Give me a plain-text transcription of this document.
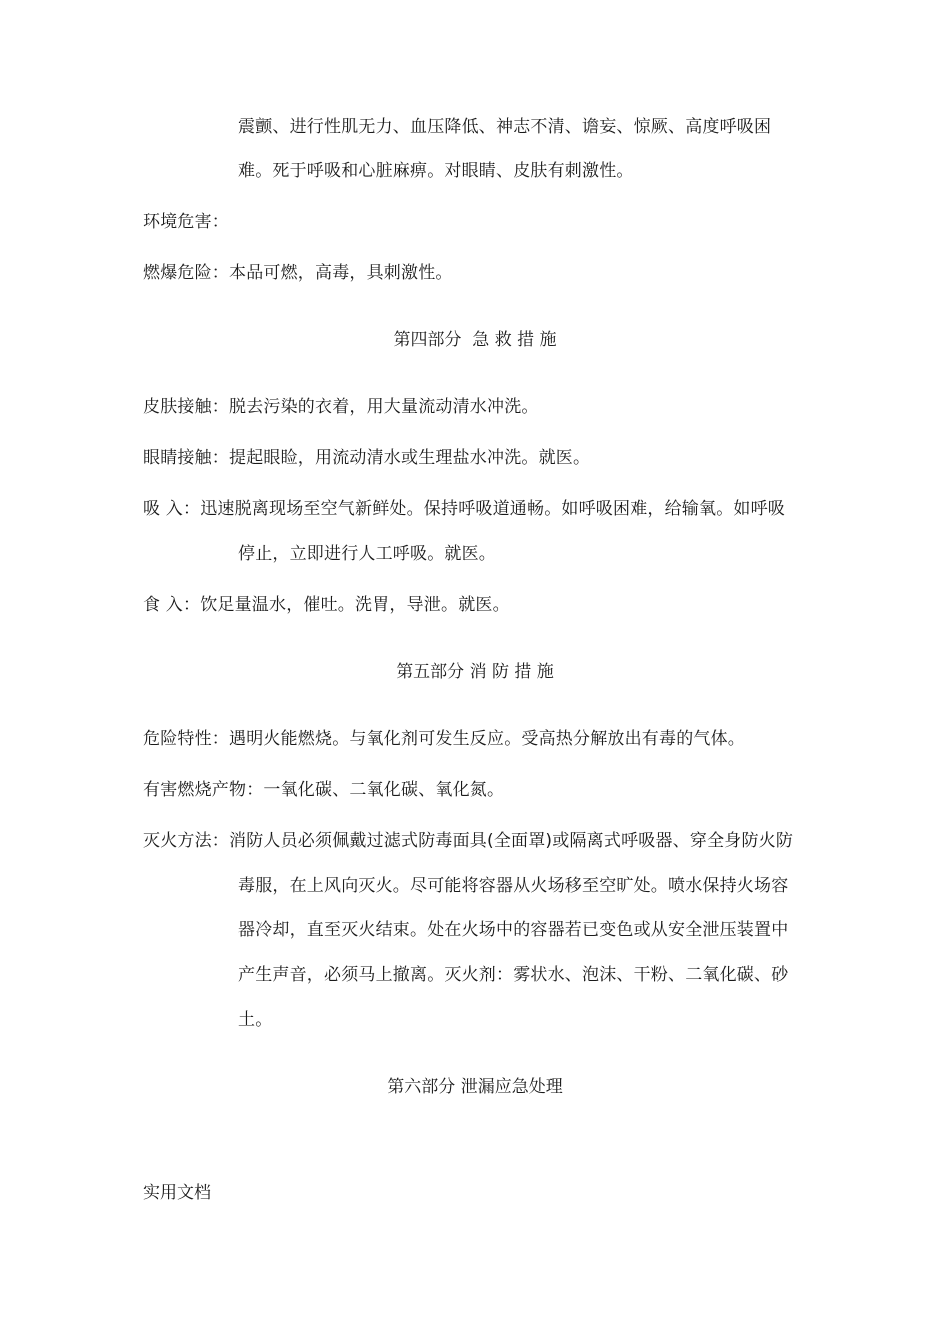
震颤、进行性肌无力、血压降低、神志不清、谵妄、惊厥、高度呼吸困
难。死于呼吸和心脏麻痹。对眼睛、皮肤有刺激性。
环境危害：
燃爆危险：本品可燃，高毒，具刺激性。
第四部分  急 救 措 施
皮肤接触：脱去污染的衣着，用大量流动清水冲洗。
眼睛接触：提起眼睑，用流动清水或生理盐水冲洗。就医。
吸 入：迅速脱离现场至空气新鲜处。保持呼吸道通畅。如呼吸困难，给输氧。如呼吸
停止，立即进行人工呼吸。就医。
食 入：饮足量温水，催吐。洗胃，导泄。就医。
第五部分 消 防 措 施
危险特性：遇明火能燃烧。与氧化剂可发生反应。受高热分解放出有毒的气体。
有害燃烧产物：一氧化碳、二氧化碳、氧化氮。
灭火方法：消防人员必须佩戴过滤式防毒面具(全面罩)或隔离式呼吸器、穿全身防火防
毒服，在上风向灭火。尽可能将容器从火场移至空旷处。喷水保持火场容
器冷却，直至灭火结束。处在火场中的容器若已变色或从安全泄压装置中
产生声音，必须马上撤离。灭火剂：雾状水、泡沫、干粉、二氧化碳、砂
土。
第六部分 泄漏应急处理
实用文档
